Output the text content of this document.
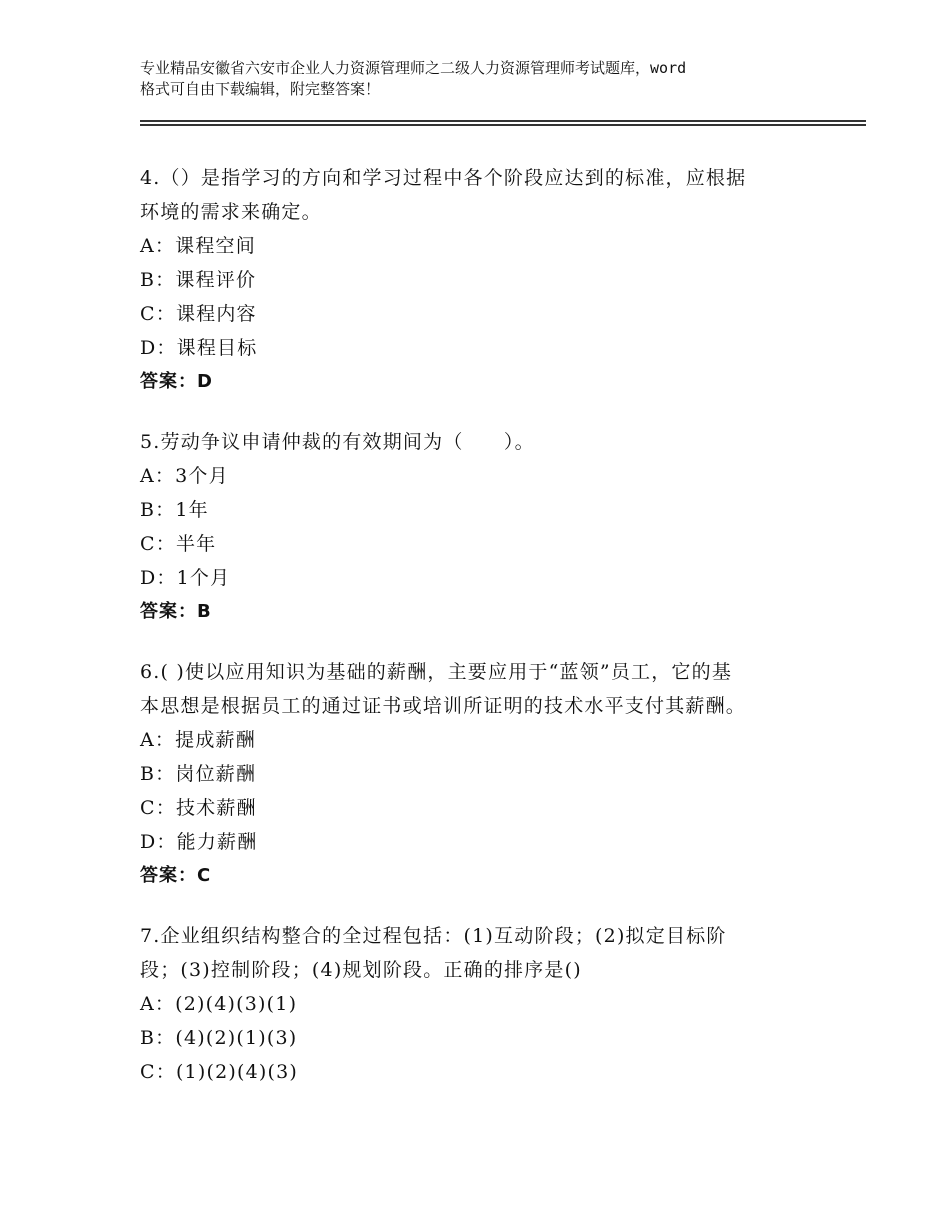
专业精品安徽省六安市企业人力资源管理师之二级人力资源管理师考试题库，word
格式可自由下载编辑，附完整答案！
4.（）是指学习的方向和学习过程中各个阶段应达到的标准，应根据
环境的需求来确定。
A：课程空间
B：课程评价
C：课程内容
D：课程目标
答案：D
5.劳动争议申请仲裁的有效期间为（　　）。
A：3个月
B：1年
C：半年
D：1个月
答案：B
6.( )使以应用知识为基础的薪酬，主要应用于“蓝领”员工，它的基
本思想是根据员工的通过证书或培训所证明的技术水平支付其薪酬。
A：提成薪酬
B：岗位薪酬
C：技术薪酬
D：能力薪酬
答案：C
7.企业组织结构整合的全过程包括：(1)互动阶段；(2)拟定目标阶
段；(3)控制阶段；(4)规划阶段。正确的排序是()
A：(2)(4)(3)(1)
B：(4)(2)(1)(3)
C：(1)(2)(4)(3)
